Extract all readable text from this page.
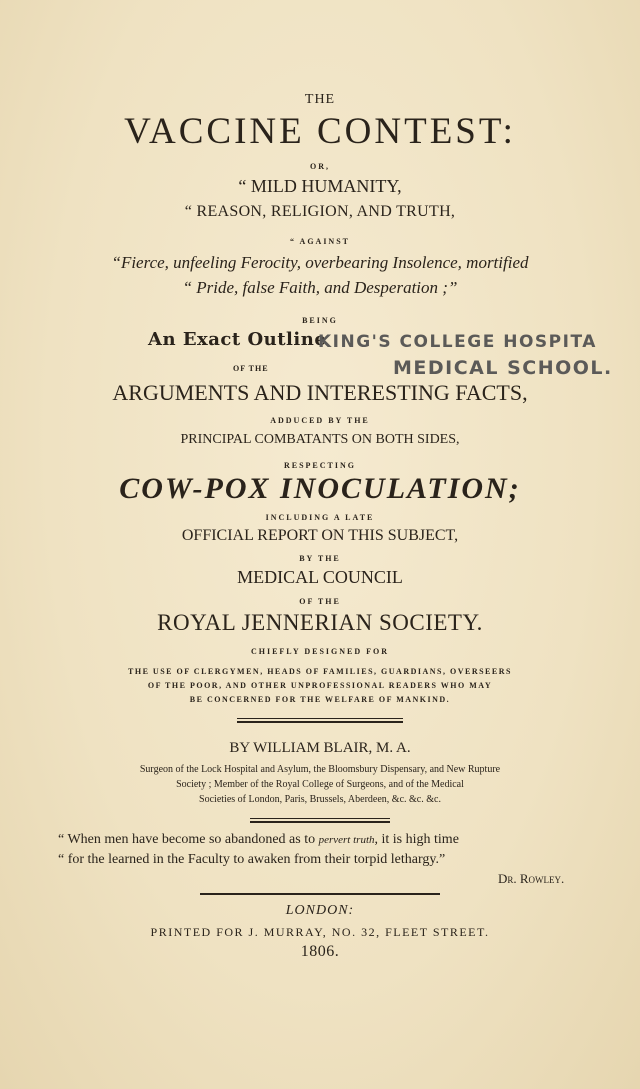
THE
VACCINE CONTEST:
OR,
“ MILD HUMANITY,
“ REASON, RELIGION, AND TRUTH,
“ AGAINST
“Fierce, unfeeling Ferocity, overbearing Insolence, mortified
“ Pride, false Faith, and Desperation ;”
BEING
An Exact Outline
KING'S COLLEGE HOSPITA
OF THE	MEDICAL SCHOOL.
ARGUMENTS AND INTERESTING FACTS,
ADDUCED BY THE
PRINCIPAL COMBATANTS ON BOTH SIDES,
RESPECTING
COW-POX INOCULATION;
INCLUDING A LATE
OFFICIAL REPORT ON THIS SUBJECT,
BY THE
MEDICAL COUNCIL
OF THE
ROYAL JENNERIAN SOCIETY.
CHIEFLY DESIGNED FOR
THE USE OF CLERGYMEN, HEADS OF FAMILIES, GUARDIANS, OVERSEERS
OF THE POOR, AND OTHER UNPROFESSIONAL READERS WHO MAY
BE CONCERNED FOR THE WELFARE OF MANKIND.
BY WILLIAM BLAIR, M. A.
Surgeon of the Lock Hospital and Asylum, the Bloomsbury Dispensary, and New Rupture
Society ; Member of the Royal College of Surgeons, and of the Medical
Societies of London, Paris, Brussels, Aberdeen, &c. &c. &c.
“ When men have become so abandoned as to pervert truth, it is high time
“ for the learned in the Faculty to awaken from their torpid lethargy.”
Dr. Rowley.
LONDON:
PRINTED FOR J. MURRAY, NO. 32, FLEET STREET.
1806.
